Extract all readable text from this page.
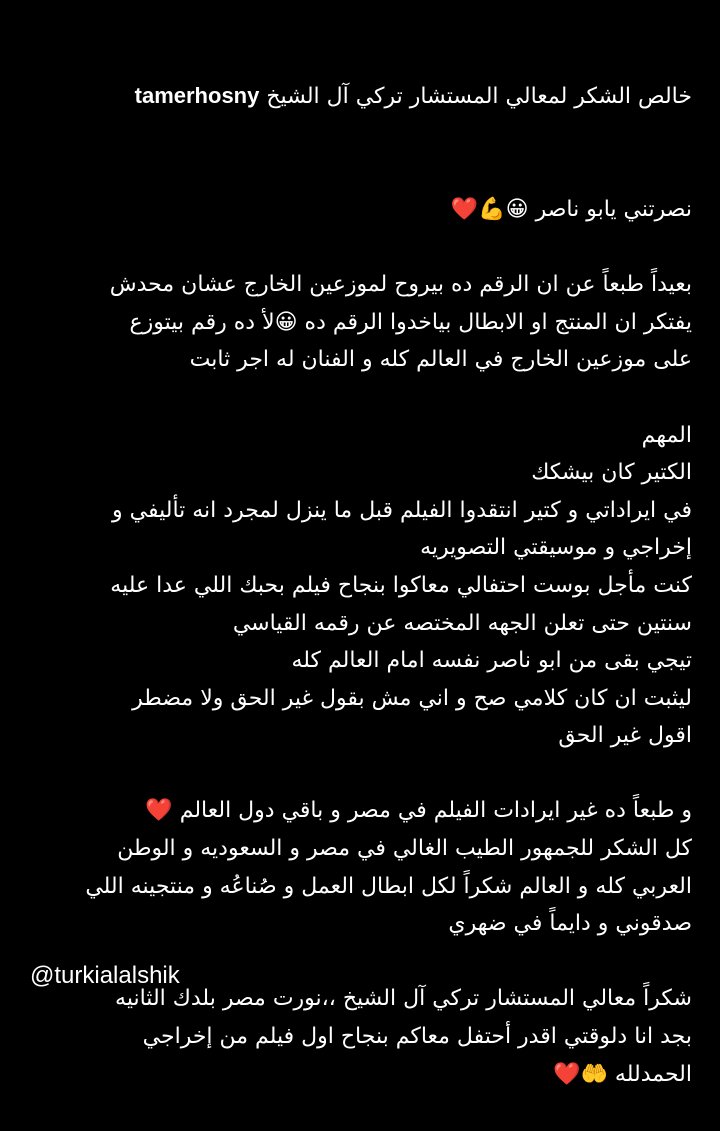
خالص الشكر لمعالي المستشار تركي آل الشيخ tamerhosny

نصرتني يابو ناصر 😀💪❤️

بعيداً طبعاً عن ان الرقم ده بيروح لموزعين الخارج عشان محدش
يفتكر ان المنتج او الابطال بياخدوا الرقم ده 😀لأ ده رقم بيتوزع
على موزعين الخارج في العالم كله و الفنان له اجر ثابت

المهم
الكتير كان بيشكك
في ايراداتي و كتير انتقدوا الفيلم قبل ما ينزل لمجرد انه تأليفي و
إخراجي و موسيقتي التصويريه
كنت مأجل بوست احتفالي معاكوا بنجاح فيلم بحبك اللي عدا عليه
سنتين حتى تعلن الجهه المختصه عن رقمه القياسي
تيجي بقى من ابو ناصر نفسه امام العالم كله
ليثبت ان كان كلامي صح و اني مش بقول غير الحق ولا مضطر
اقول غير الحق

و طبعاً ده غير ايرادات الفيلم في مصر و باقي دول العالم ❤️
كل الشكر للجمهور الطيب الغالي في مصر و السعوديه و الوطن
العربي كله و العالم شكراً لكل ابطال العمل و صُناعُه و منتجينه اللي
صدقوني و دايماً في ضهري

شكراً معالي المستشار تركي آل الشيخ ،،نورت مصر بلدك الثانيه
بجد انا دلوقتي اقدر أحتفل معاكم بنجاح اول فيلم من إخراجي
الحمدلله 🤲❤️

@turkialalshik
